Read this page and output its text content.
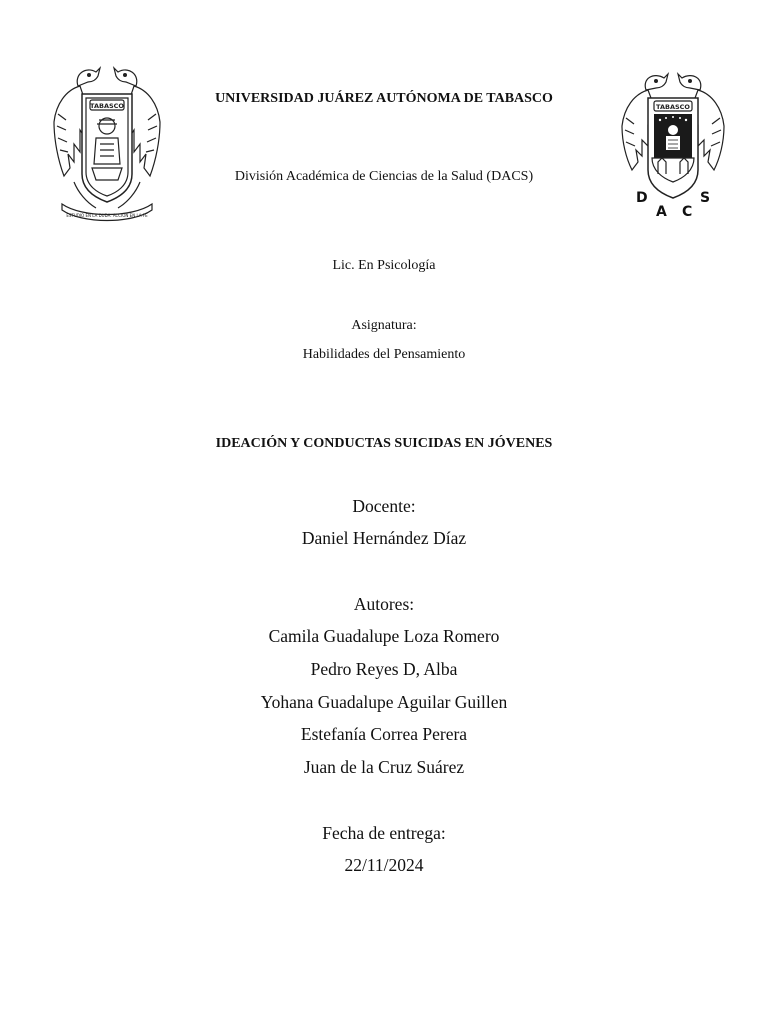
TABASCO
ESTUDIO EN LA DUDA. ACCIÓN EN LA FE
TABASCO
D
A C
S
UNIVERSIDAD JUÁREZ AUTÓNOMA DE TABASCO
División Académica de Ciencias de la Salud (DACS)
Lic. En Psicología
Asignatura:
Habilidades del Pensamiento
IDEACIÓN Y CONDUCTAS SUICIDAS EN JÓVENES
Docente:
Daniel Hernández Díaz
Autores:
Camila Guadalupe Loza Romero
Pedro Reyes D, Alba
Yohana Guadalupe Aguilar Guillen
Estefanía Correa Perera
Juan de la Cruz Suárez
Fecha de entrega:
22/11/2024
